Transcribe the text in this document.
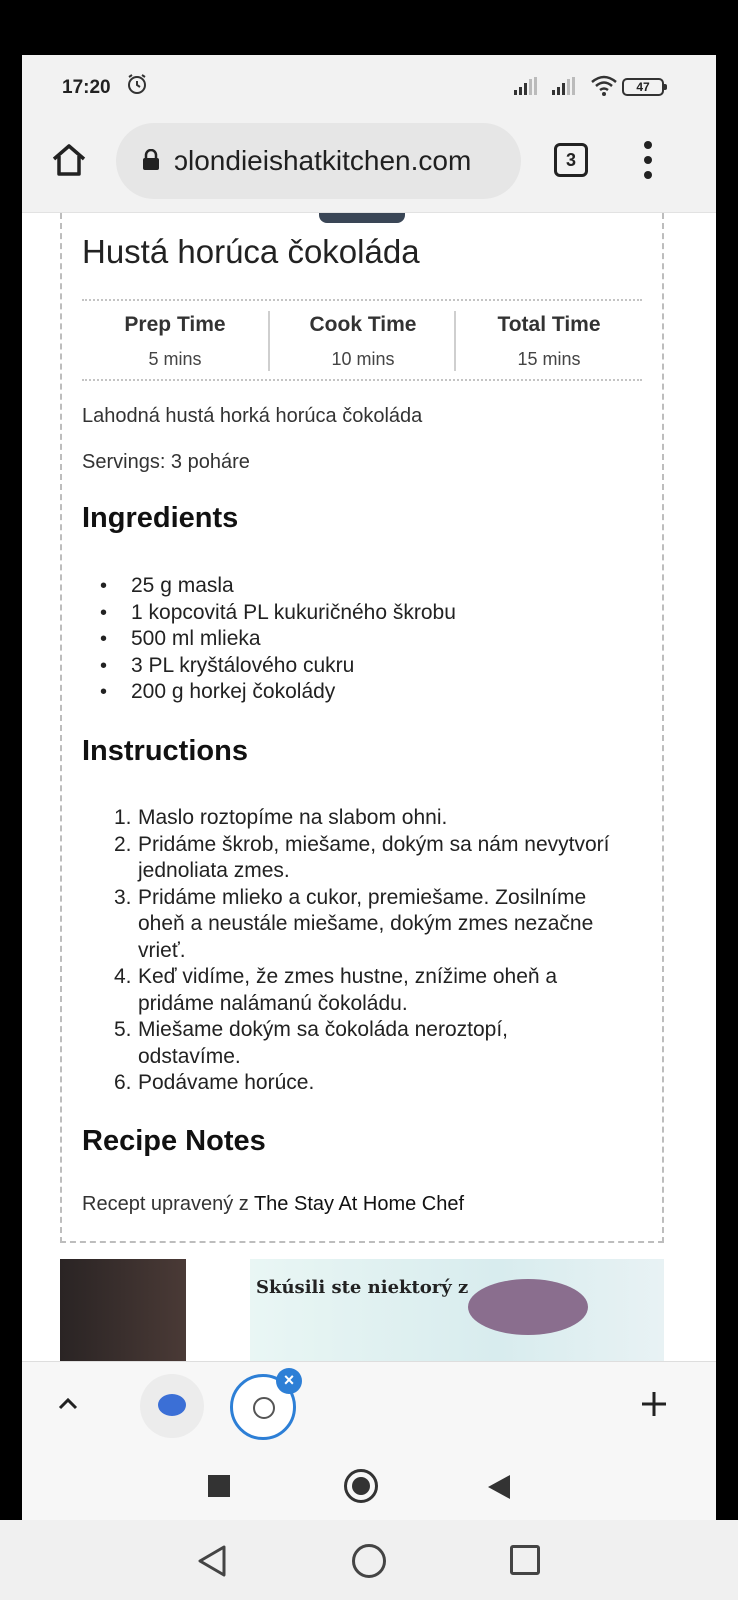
17:20	47
ɔlondieishatkitchen.com	3
Hustá horúca čokoláda
Prep Time
5 mins
Cook Time
10 mins
Total Time
15 mins
Lahodná hustá horká horúca čokoláda
Servings: 3 poháre
Ingredients
• 25 g masla
• 1 kopcovitá PL kukuričného škrobu
• 500 ml mlieka
• 3 PL kryštálového cukru
• 200 g horkej čokolády
Instructions
1. Maslo roztopíme na slabom ohni.
2. Pridáme škrob, miešame, dokým sa nám nevytvorí
jednoliata zmes.
3. Pridáme mlieko a cukor, premiešame. Zosilníme
oheň a neustále miešame, dokým zmes nezačne
vrieť.
4. Keď vidíme, že zmes hustne, znížime oheň a
pridáme nalámanú čokoládu.
5. Miešame dokým sa čokoláda neroztopí,
odstavíme.
6. Podávame horúce.
Recipe Notes
Recept upravený z The Stay At Home Chef
Skúsili ste niektorý z
×
